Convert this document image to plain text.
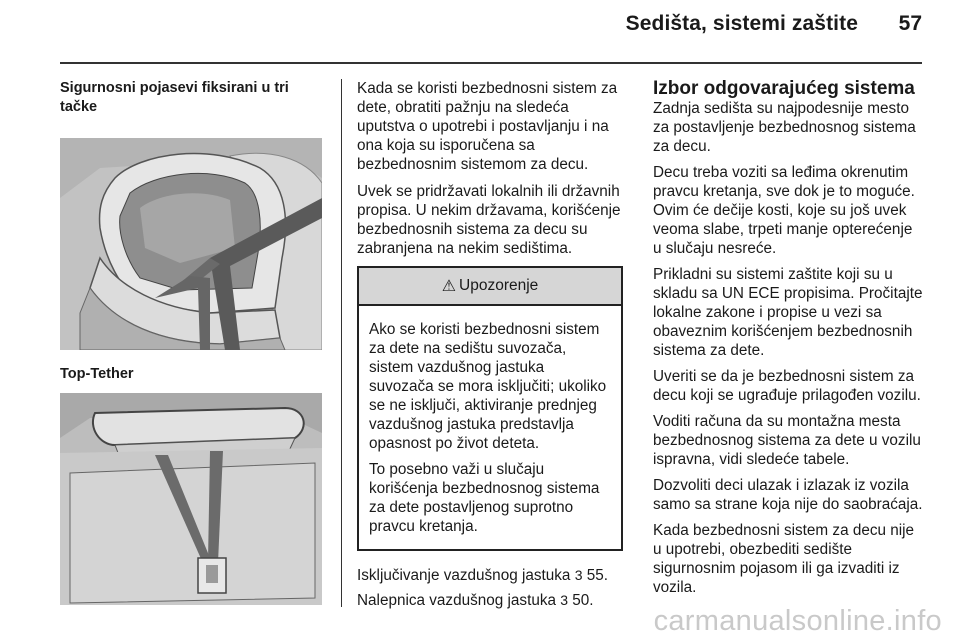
Sedišta, sistemi zaštite 57
Sigurnosni pojasevi fiksirani u tri tačke
Top-Tether

Kada se koristi bezbednosni sistem za dete, obratiti pažnju na sledeća uputstva o upotrebi i postavljanju i na ona koja su isporučena sa bezbednosnim sistemom za decu.

Uvek se pridržavati lokalnih ili državnih propisa. U nekim državama, korišćenje bezbednosnih sistema za decu su zabranjena na nekim sedištima.

⚠ Upozorenje

Ako se koristi bezbednosni sistem za dete na sedištu suvozača, sistem vazdušnog jastuka suvozača se mora isključiti; ukoliko se ne isključi, aktiviranje prednjeg vazdušnog jastuka predstavlja opasnost po život deteta.

To posebno važi u slučaju korišćenja bezbednosnog sistema za dete postavljenog suprotno pravcu kretanja.

Isključivanje vazdušnog jastuka 3 55.

Nalepnica vazdušnog jastuka 3 50.

Izbor odgovarajućeg sistema

Zadnja sedišta su najpodesnije mesto za postavljenje bezbednosnog sistema za decu.

Decu treba voziti sa leđima okrenutim pravcu kretanja, sve dok je to moguće. Ovim će dečije kosti, koje su još uvek veoma slabe, trpeti manje opterećenje u slučaju nesreće.

Prikladni su sistemi zaštite koji su u skladu sa UN ECE propisima. Pročitajte lokalne zakone i propise u vezi sa obaveznim korišćenjem bezbednosnih sistema za dete.

Uveriti se da je bezbednosni sistem za decu koji se ugrađuje prilagođen vozilu.

Voditi računa da su montažna mesta bezbednosnog sistema za dete u vozilu ispravna, vidi sledeće tabele.

Dozvoliti deci ulazak i izlazak iz vozila samo sa strane koja nije do saobraćaja.

Kada bezbednosni sistem za decu nije u upotrebi, obezbediti sedište sigurnosnim pojasom ili ga izvaditi iz vozila.

carmanualsonline.info
